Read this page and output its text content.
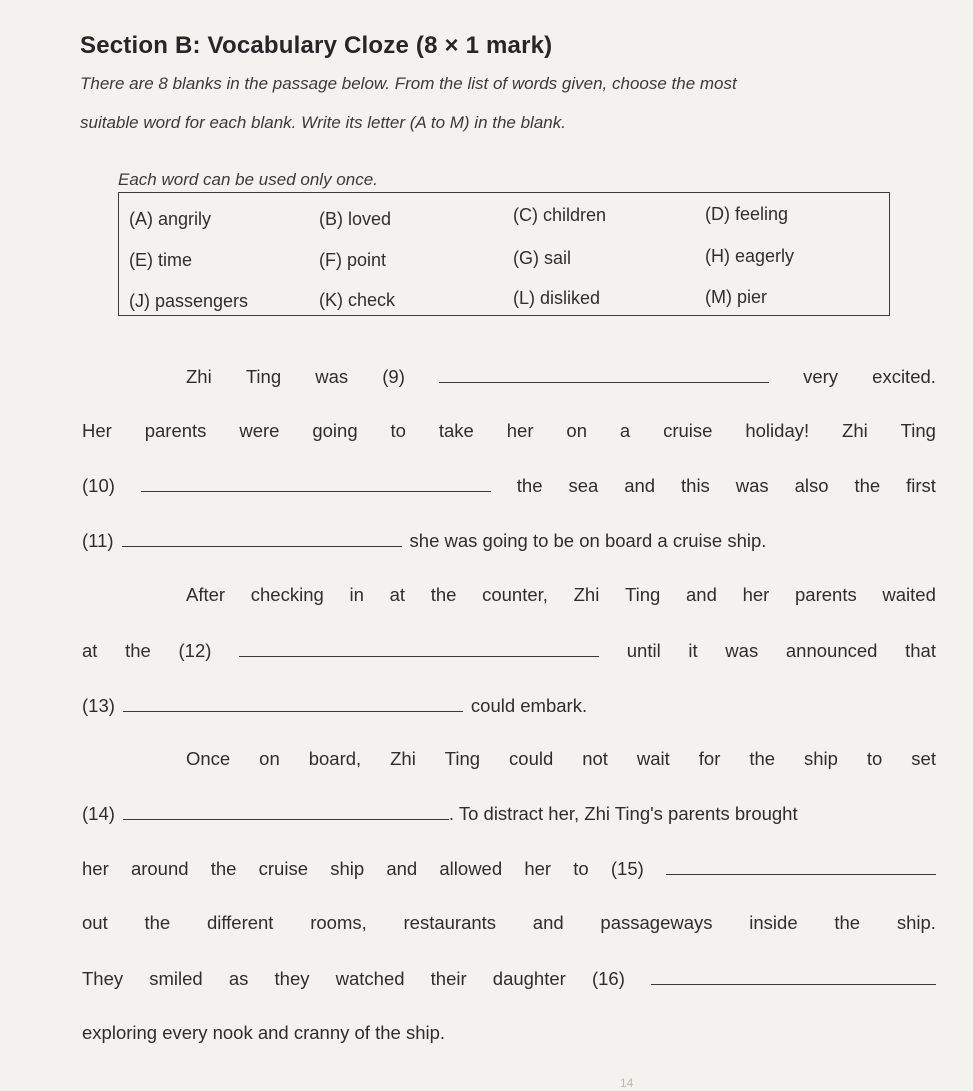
Section B: Vocabulary Cloze (8 × 1 mark)
There are 8 blanks in the passage below. From the list of words given, choose the most
suitable word for each blank. Write its letter (A to M) in the blank.
Each word can be used only once.
(A) angrily	(B) loved	(C) children	(D) feeling
(E) time	(F) point	(G) sail	(H) eagerly
(J) passengers	(K) check	(L) disliked	(M) pier
Zhi Ting was (9)	very excited.
Her parents were going to take her on a cruise holiday! Zhi Ting
(10)	the sea and this was also the first
(11)	she was going to be on board a cruise ship.
After checking in at the counter, Zhi Ting and her parents waited
at the (12)	until it was announced that
(13)	could embark.
Once on board, Zhi Ting could not wait for the ship to set
(14)	. To distract her, Zhi Ting's parents brought
her around the cruise ship and allowed her to (15)
out the different rooms, restaurants and passageways inside the ship.
They smiled as they watched their daughter (16)
exploring every nook and cranny of the ship.
14
